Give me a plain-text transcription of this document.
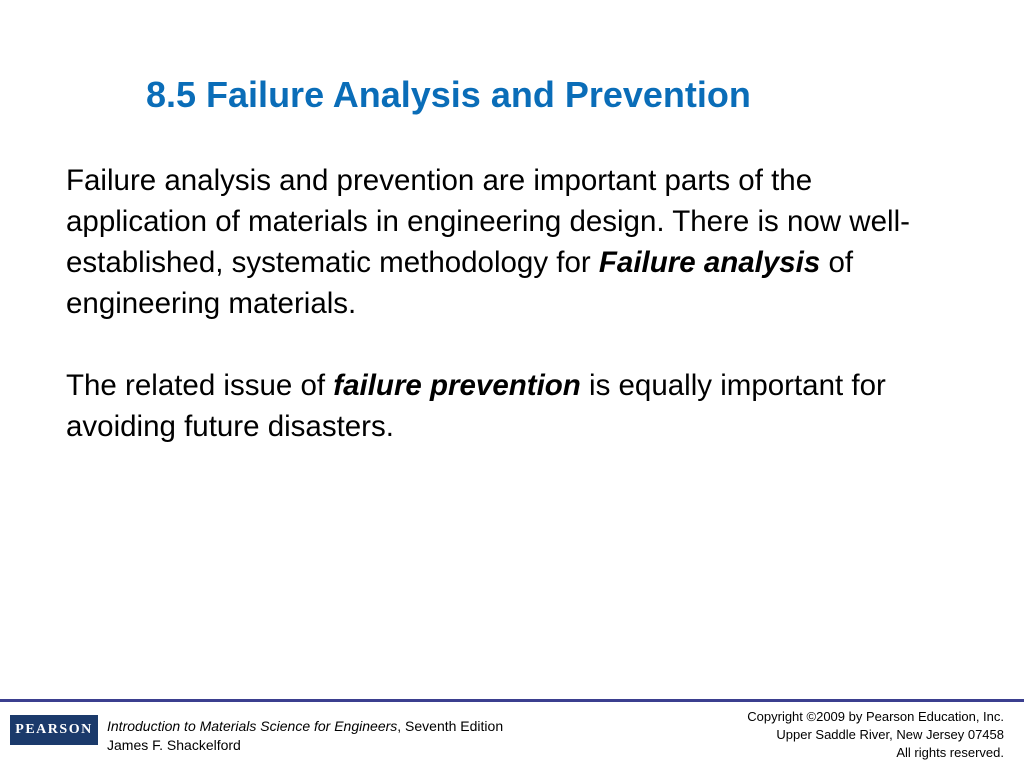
8.5 Failure Analysis and Prevention

Failure analysis and prevention are important parts of the application of materials in engineering design. There is now well-established, systematic methodology for Failure analysis of engineering materials.

The related issue of failure prevention is equally important for avoiding future disasters.

PEARSON Introduction to Materials Science for Engineers, Seventh Edition
James F. Shackelford
Copyright ©2009 by Pearson Education, Inc.
Upper Saddle River, New Jersey 07458
All rights reserved.
